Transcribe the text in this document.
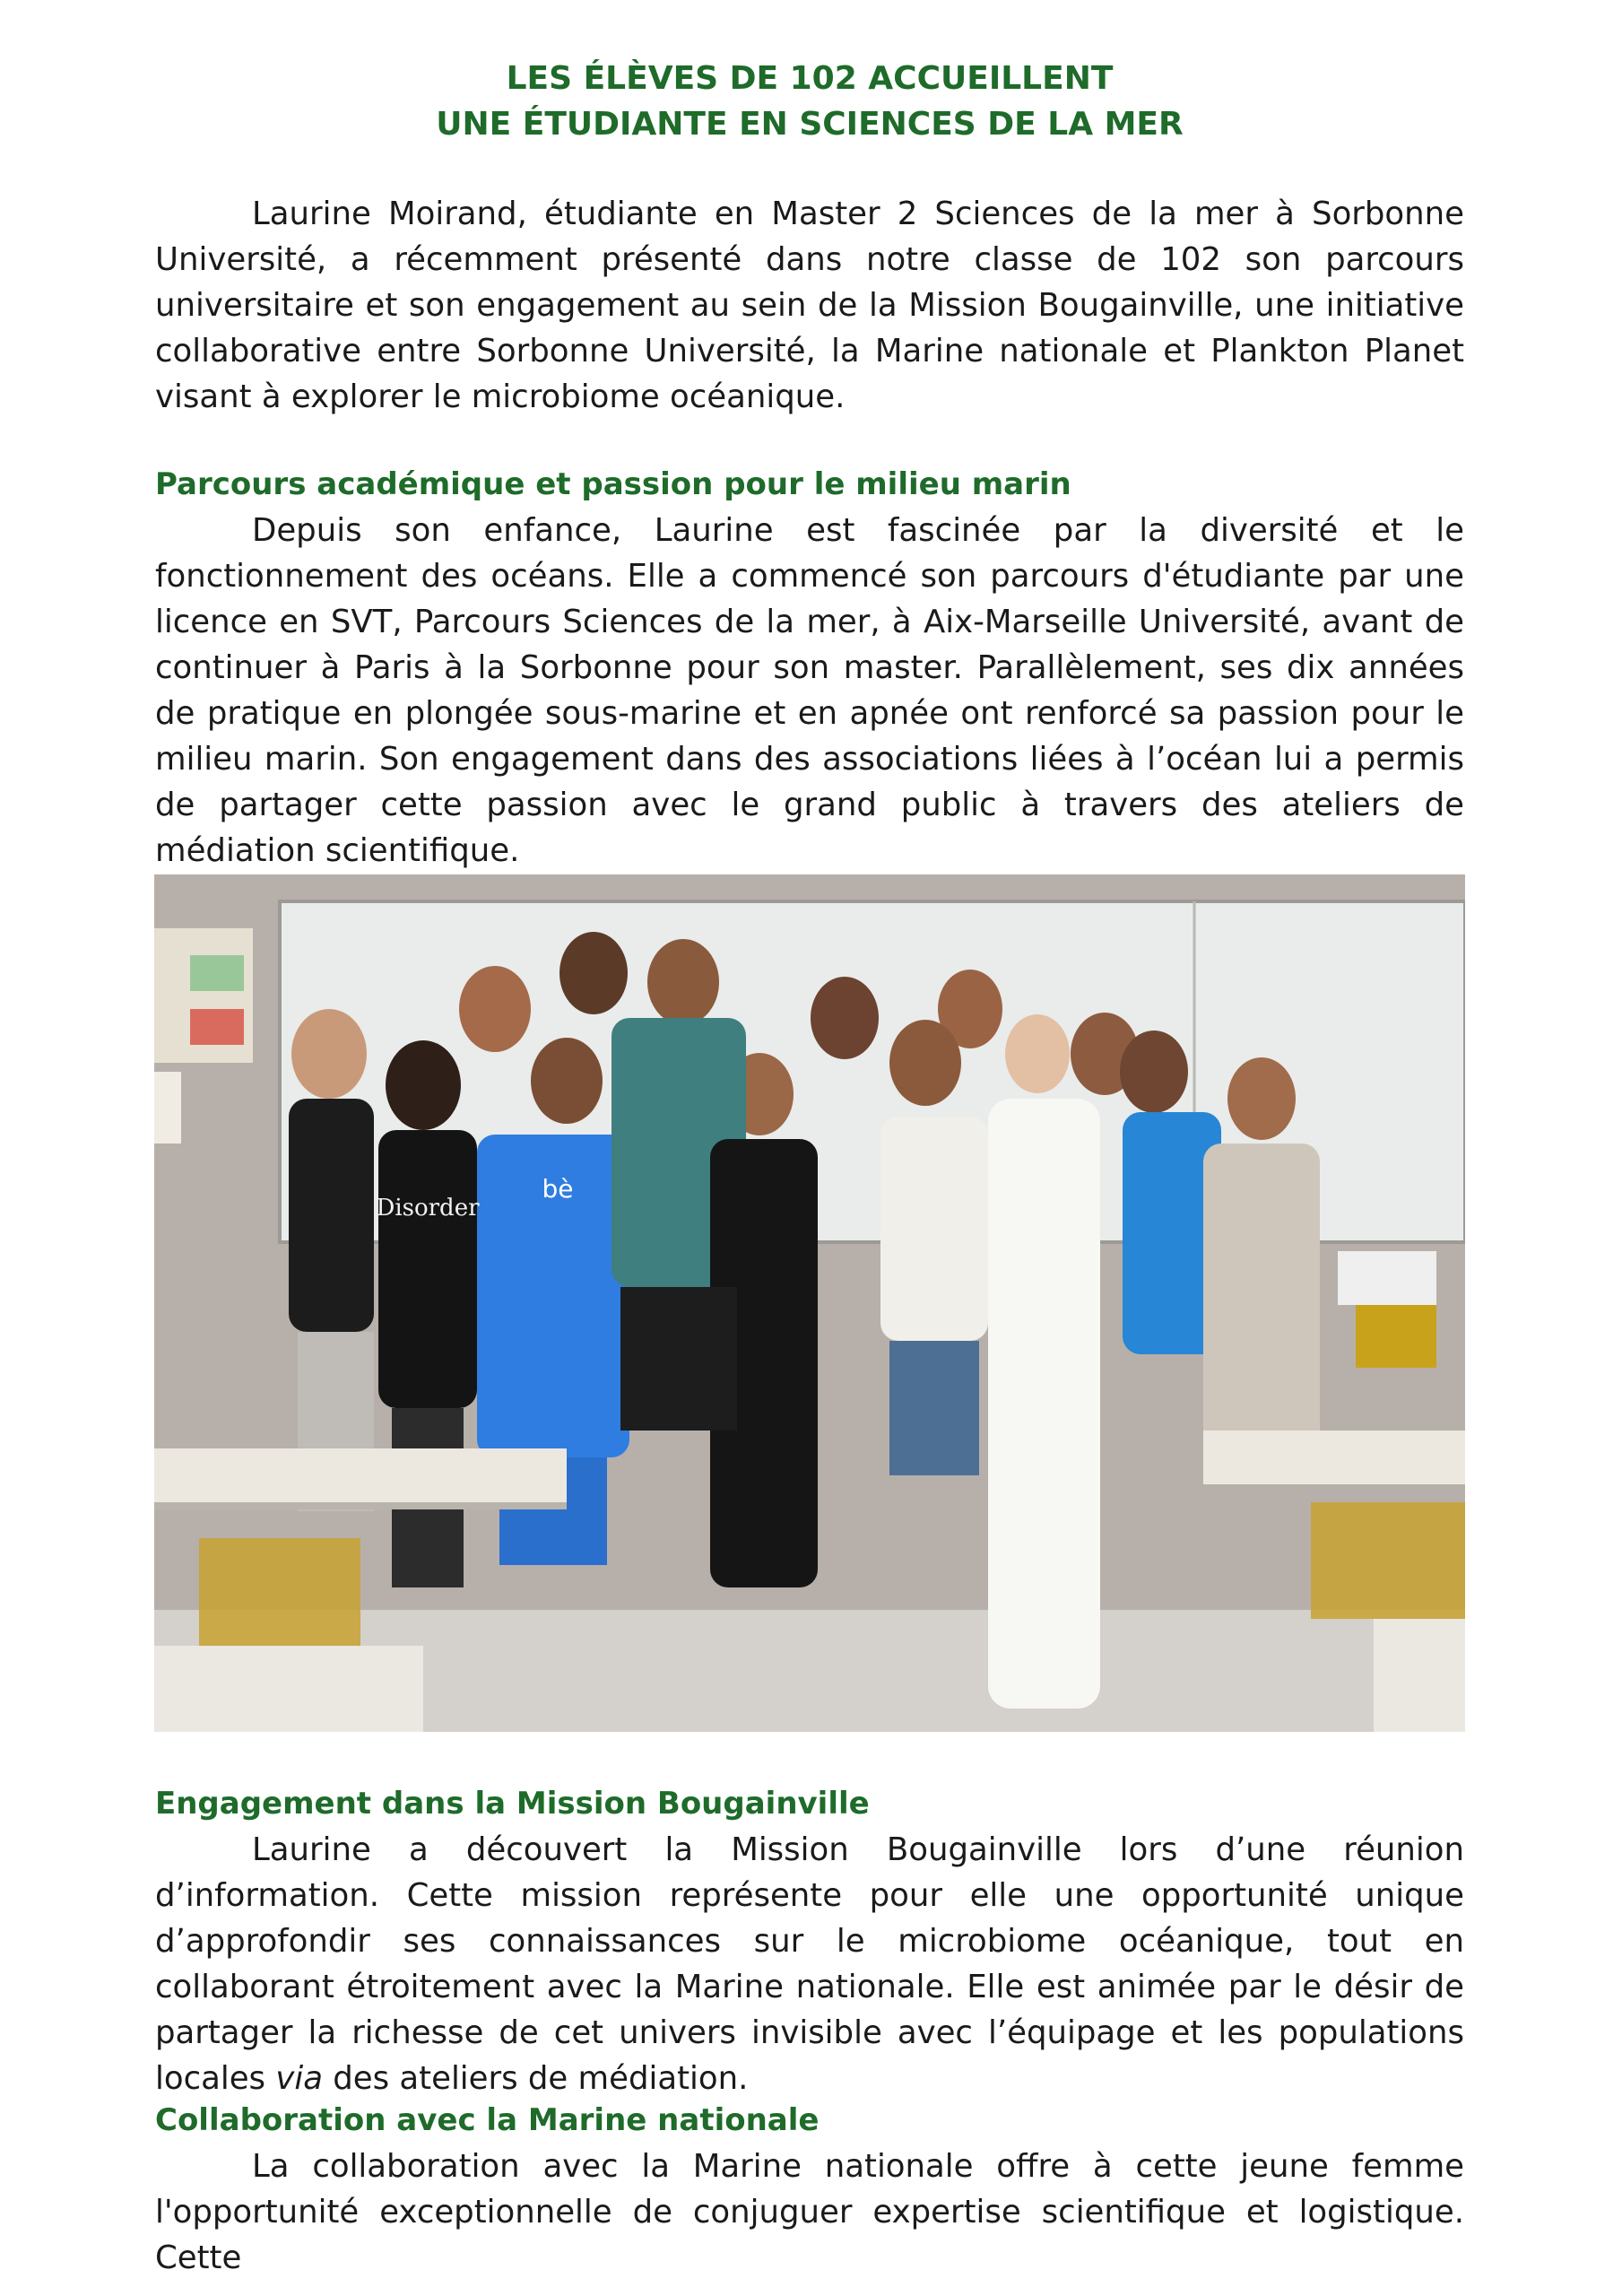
LES ÉLÈVES DE 102 ACCUEILLENT
UNE ÉTUDIANTE EN SCIENCES DE LA MER

Laurine Moirand, étudiante en Master 2 Sciences de la mer à Sorbonne Université, a récemment présenté dans notre classe de 102 son parcours universitaire et son engagement au sein de la Mission Bougainville, une initiative collaborative entre Sorbonne Université, la Marine nationale et Plankton Planet visant à explorer le microbiome océanique.

Parcours académique et passion pour le milieu marin

Depuis son enfance, Laurine est fascinée par la diversité et le fonctionnement des océans. Elle a commencé son parcours d'étudiante par une licence en SVT, Parcours Sciences de la mer, à Aix-Marseille Université, avant de continuer à Paris à la Sorbonne pour son master. Parallèlement, ses dix années de pratique en plongée sous-marine et en apnée ont renforcé sa passion pour le milieu marin. Son engagement dans des associations liées à l’océan lui a permis de partager cette passion avec le grand public à travers des ateliers de médiation scientifique.

Disorder
bè

Engagement dans la Mission Bougainville

Laurine a découvert la Mission Bougainville lors d’une réunion d’information. Cette mission représente pour elle une opportunité unique d’approfondir ses connaissances sur le microbiome océanique, tout en collaborant étroitement avec la Marine nationale. Elle est animée par le désir de partager la richesse de cet univers invisible avec l’équipage et les populations locales via des ateliers de médiation.

Collaboration avec la Marine nationale

La collaboration avec la Marine nationale offre à cette jeune femme l'opportunité exceptionnelle de conjuguer expertise scientifique et logistique. Cette
